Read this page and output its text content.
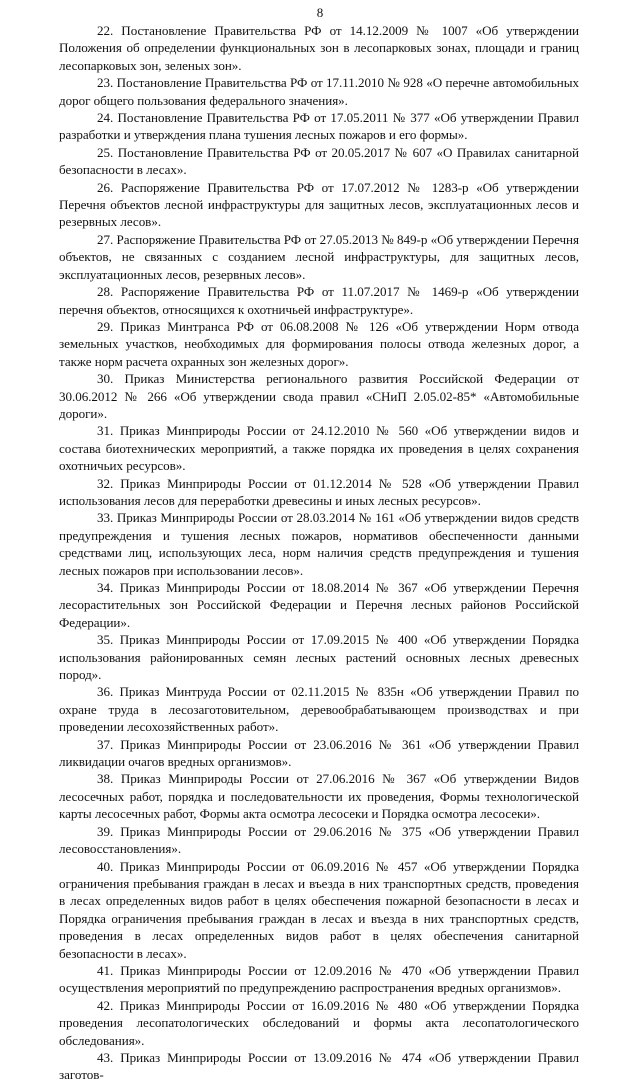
8

22. Постановление Правительства РФ от 14.12.2009 № 1007 «Об утверждении Положения об определении функциональных зон в лесопарковых зонах, площади и границ лесопарковых зон, зеленых зон».

23. Постановление Правительства РФ от 17.11.2010 № 928 «О перечне автомобильных дорог общего пользования федерального значения».

24. Постановление Правительства РФ от 17.05.2011 № 377 «Об утверждении Правил разработки и утверждения плана тушения лесных пожаров и его формы».

25. Постановление Правительства РФ от 20.05.2017 № 607 «О Правилах санитарной безопасности в лесах».

26. Распоряжение Правительства РФ от 17.07.2012 № 1283-р «Об утверждении Перечня объектов лесной инфраструктуры для защитных лесов, эксплуатационных лесов и резервных лесов».

27. Распоряжение Правительства РФ от 27.05.2013 № 849-р «Об утверждении Перечня объектов, не связанных с созданием лесной инфраструктуры, для защитных лесов, эксплуатационных лесов, резервных лесов».

28. Распоряжение Правительства РФ от 11.07.2017 № 1469-р «Об утверждении перечня объектов, относящихся к охотничьей инфраструктуре».

29. Приказ Минтранса РФ от 06.08.2008 № 126 «Об утверждении Норм отвода земельных участков, необходимых для формирования полосы отвода железных дорог, а также норм расчета охранных зон железных дорог».

30. Приказ Министерства регионального развития Российской Федерации от 30.06.2012 № 266 «Об утверждении свода правил «СНиП 2.05.02-85* «Автомобильные дороги».

31. Приказ Минприроды России от 24.12.2010 № 560 «Об утверждении видов и состава биотехнических мероприятий, а также порядка их проведения в целях сохранения охотничьих ресурсов».

32. Приказ Минприроды России от 01.12.2014 № 528 «Об утверждении Правил использования лесов для переработки древесины и иных лесных ресурсов».

33. Приказ Минприроды России от 28.03.2014 № 161 «Об утверждении видов средств предупреждения и тушения лесных пожаров, нормативов обеспеченности данными средствами лиц, использующих леса, норм наличия средств предупреждения и тушения лесных пожаров при использовании лесов».

34. Приказ Минприроды России от 18.08.2014 № 367 «Об утверждении Перечня лесорастительных зон Российской Федерации и Перечня лесных районов Российской Федерации».

35. Приказ Минприроды России от 17.09.2015 № 400 «Об утверждении Порядка использования районированных семян лесных растений основных лесных древесных пород».

36. Приказ Минтруда России от 02.11.2015 № 835н «Об утверждении Правил по охране труда в лесозаготовительном, деревообрабатывающем производствах и при проведении лесохозяйственных работ».

37. Приказ Минприроды России от 23.06.2016 № 361 «Об утверждении Правил ликвидации очагов вредных организмов».

38. Приказ Минприроды России от 27.06.2016 № 367 «Об утверждении Видов лесосечных работ, порядка и последовательности их проведения, Формы технологической карты лесосечных работ, Формы акта осмотра лесосеки и Порядка осмотра лесосеки».

39. Приказ Минприроды России от 29.06.2016 № 375 «Об утверждении Правил лесовосстановления».

40. Приказ Минприроды России от 06.09.2016 № 457 «Об утверждении Порядка ограничения пребывания граждан в лесах и въезда в них транспортных средств, проведения в лесах определенных видов работ в целях обеспечения пожарной безопасности в лесах и Порядка ограничения пребывания граждан в лесах и въезда в них транспортных средств, проведения в лесах определенных видов работ в целях обеспечения санитарной безопасности в лесах».

41. Приказ Минприроды России от 12.09.2016 № 470 «Об утверждении Правил осуществления мероприятий по предупреждению распространения вредных организмов».

42. Приказ Минприроды России от 16.09.2016 № 480 «Об утверждении Порядка проведения лесопатологических обследований и формы акта лесопатологического обследования».

43. Приказ Минприроды России от 13.09.2016 № 474 «Об утверждении Правил заготов-
